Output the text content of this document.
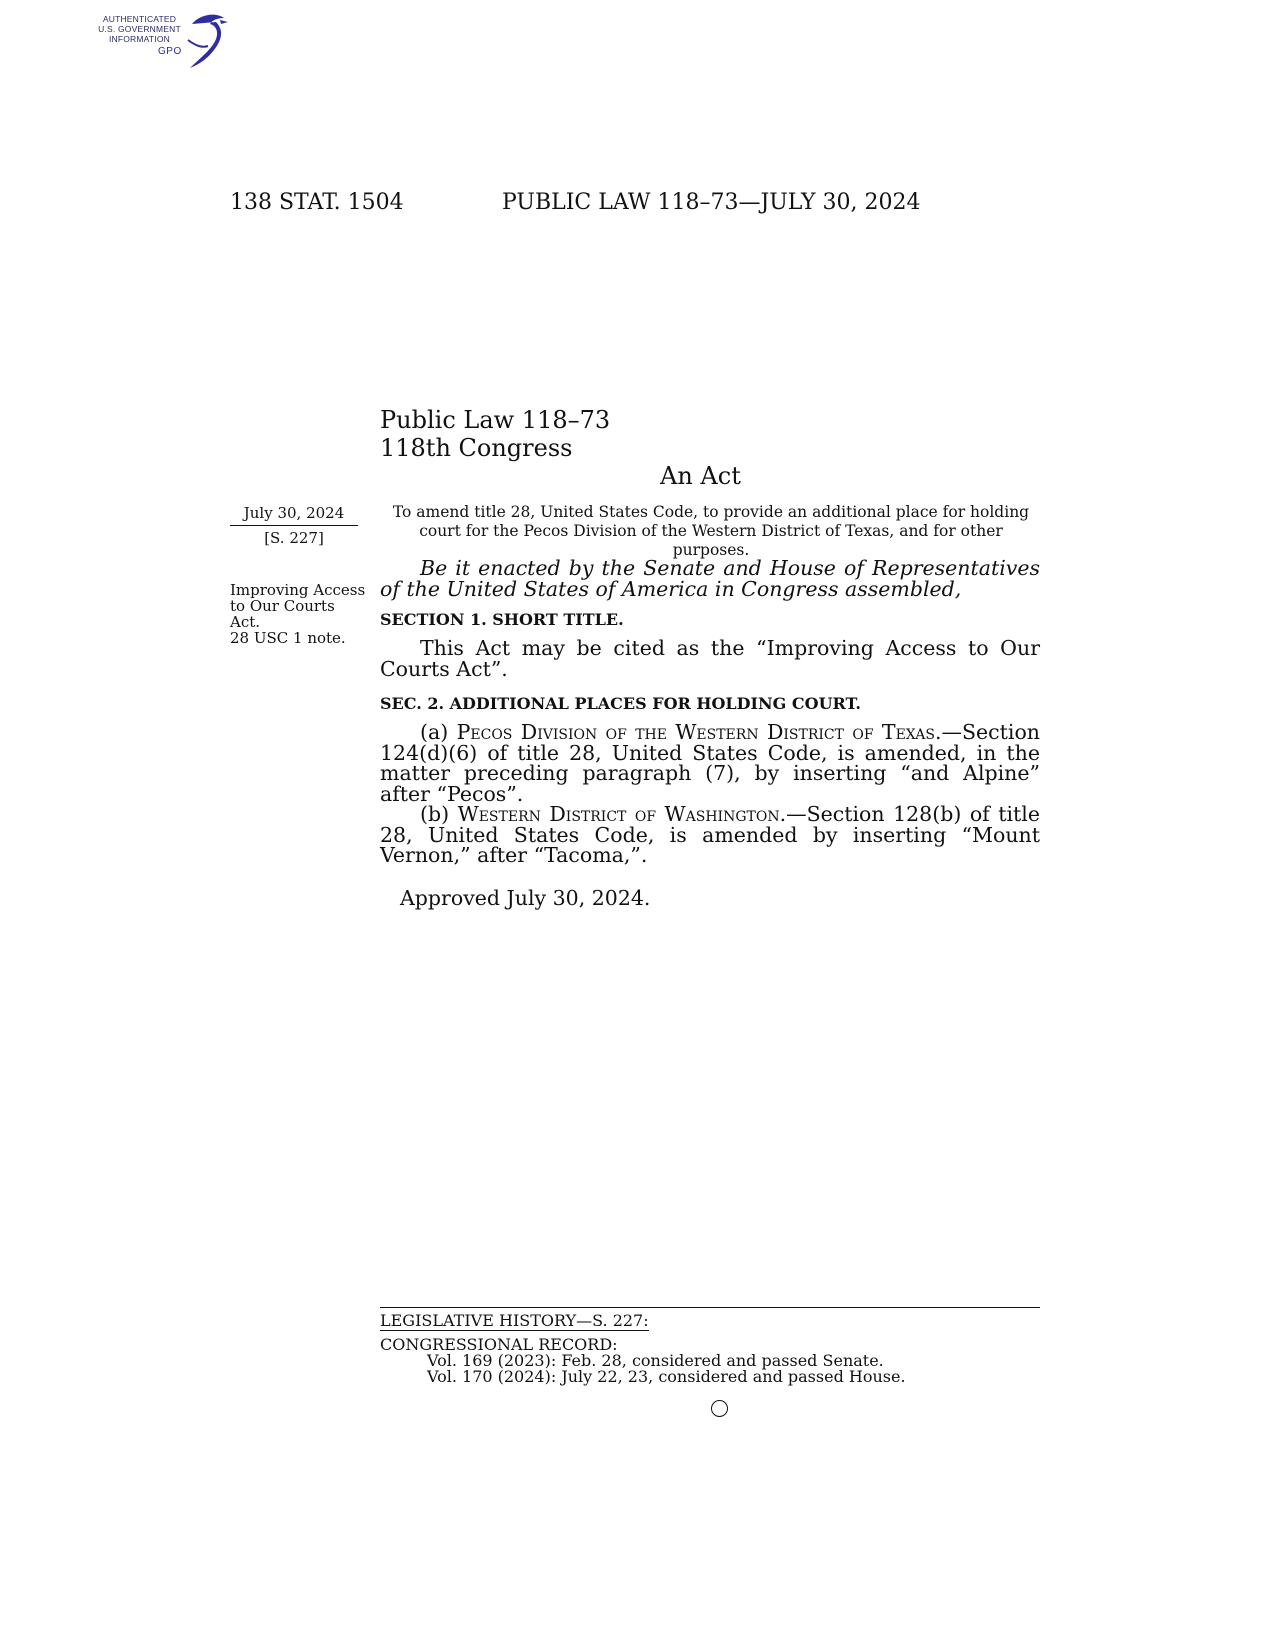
AUTHENTICATED
U.S. GOVERNMENT
INFORMATION
GPO
138 STAT. 1504	PUBLIC LAW 118–73—JULY 30, 2024
Public Law 118–73
118th Congress
An Act
July 30, 2024
[S. 227]
Improving Access
to Our Courts
Act.
28 USC 1 note.
To amend title 28, United States Code, to provide an additional place for holding court for the Pecos Division of the Western District of Texas, and for other purposes.
Be it enacted by the Senate and House of Representatives of the United States of America in Congress assembled,
SECTION 1. SHORT TITLE.
This Act may be cited as the “Improving Access to Our Courts Act”.
SEC. 2. ADDITIONAL PLACES FOR HOLDING COURT.
(a) Pecos Division of the Western District of Texas.—Section 124(d)(6) of title 28, United States Code, is amended, in the matter preceding paragraph (7), by inserting “and Alpine” after “Pecos”.
(b) Western District of Washington.—Section 128(b) of title 28, United States Code, is amended by inserting “Mount Vernon,” after “Tacoma,”.
Approved July 30, 2024.
LEGISLATIVE HISTORY—S. 227:
CONGRESSIONAL RECORD:
Vol. 169 (2023): Feb. 28, considered and passed Senate.
Vol. 170 (2024): July 22, 23, considered and passed House.
